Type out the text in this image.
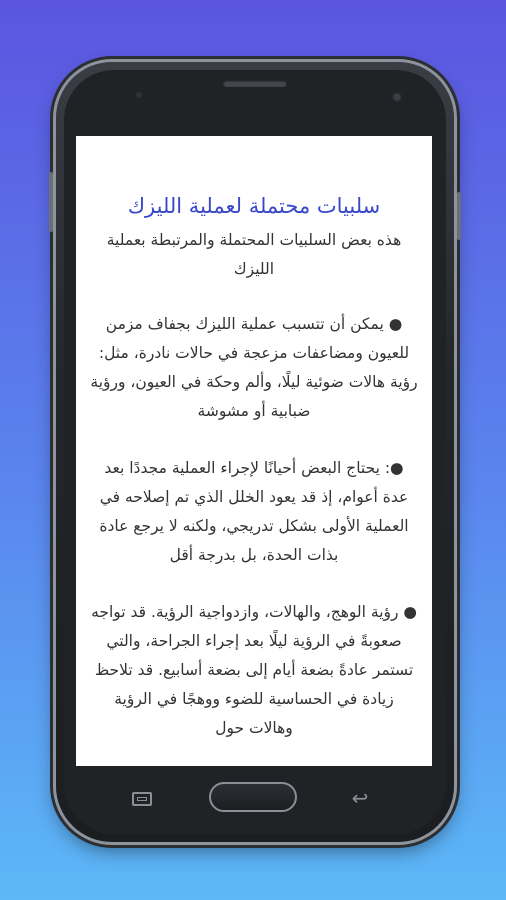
سلبيات محتملة لعملية الليزك

هذه بعض السلبيات المحتملة والمرتبطة بعملية الليزك

● يمكن أن تتسبب عملية الليزك بجفاف مزمن للعيون ومضاعفات مزعجة في حالات نادرة، مثل: رؤية هالات ضوئية ليلًا، وألم وحكة في العيون، ورؤية ضبابية أو مشوشة

●: يحتاج البعض أحيانًا لإجراء العملية مجددًا بعد عدة أعوام، إذ قد يعود الخلل الذي تم إصلاحه في العملية الأولى بشكل تدريجي، ولكنه لا يرجع عادة بذات الحدة، بل بدرجة أقل

● رؤية الوهج، والهالات، وازدواجية الرؤية. قد تواجه صعوبةً في الرؤية ليلًا بعد إجراء الجراحة، والتي تستمر عادةً بضعة أيام إلى بضعة أسابيع. قد تلاحظ زيادة في الحساسية للضوء ووهجًا في الرؤية وهالات حول

↩
